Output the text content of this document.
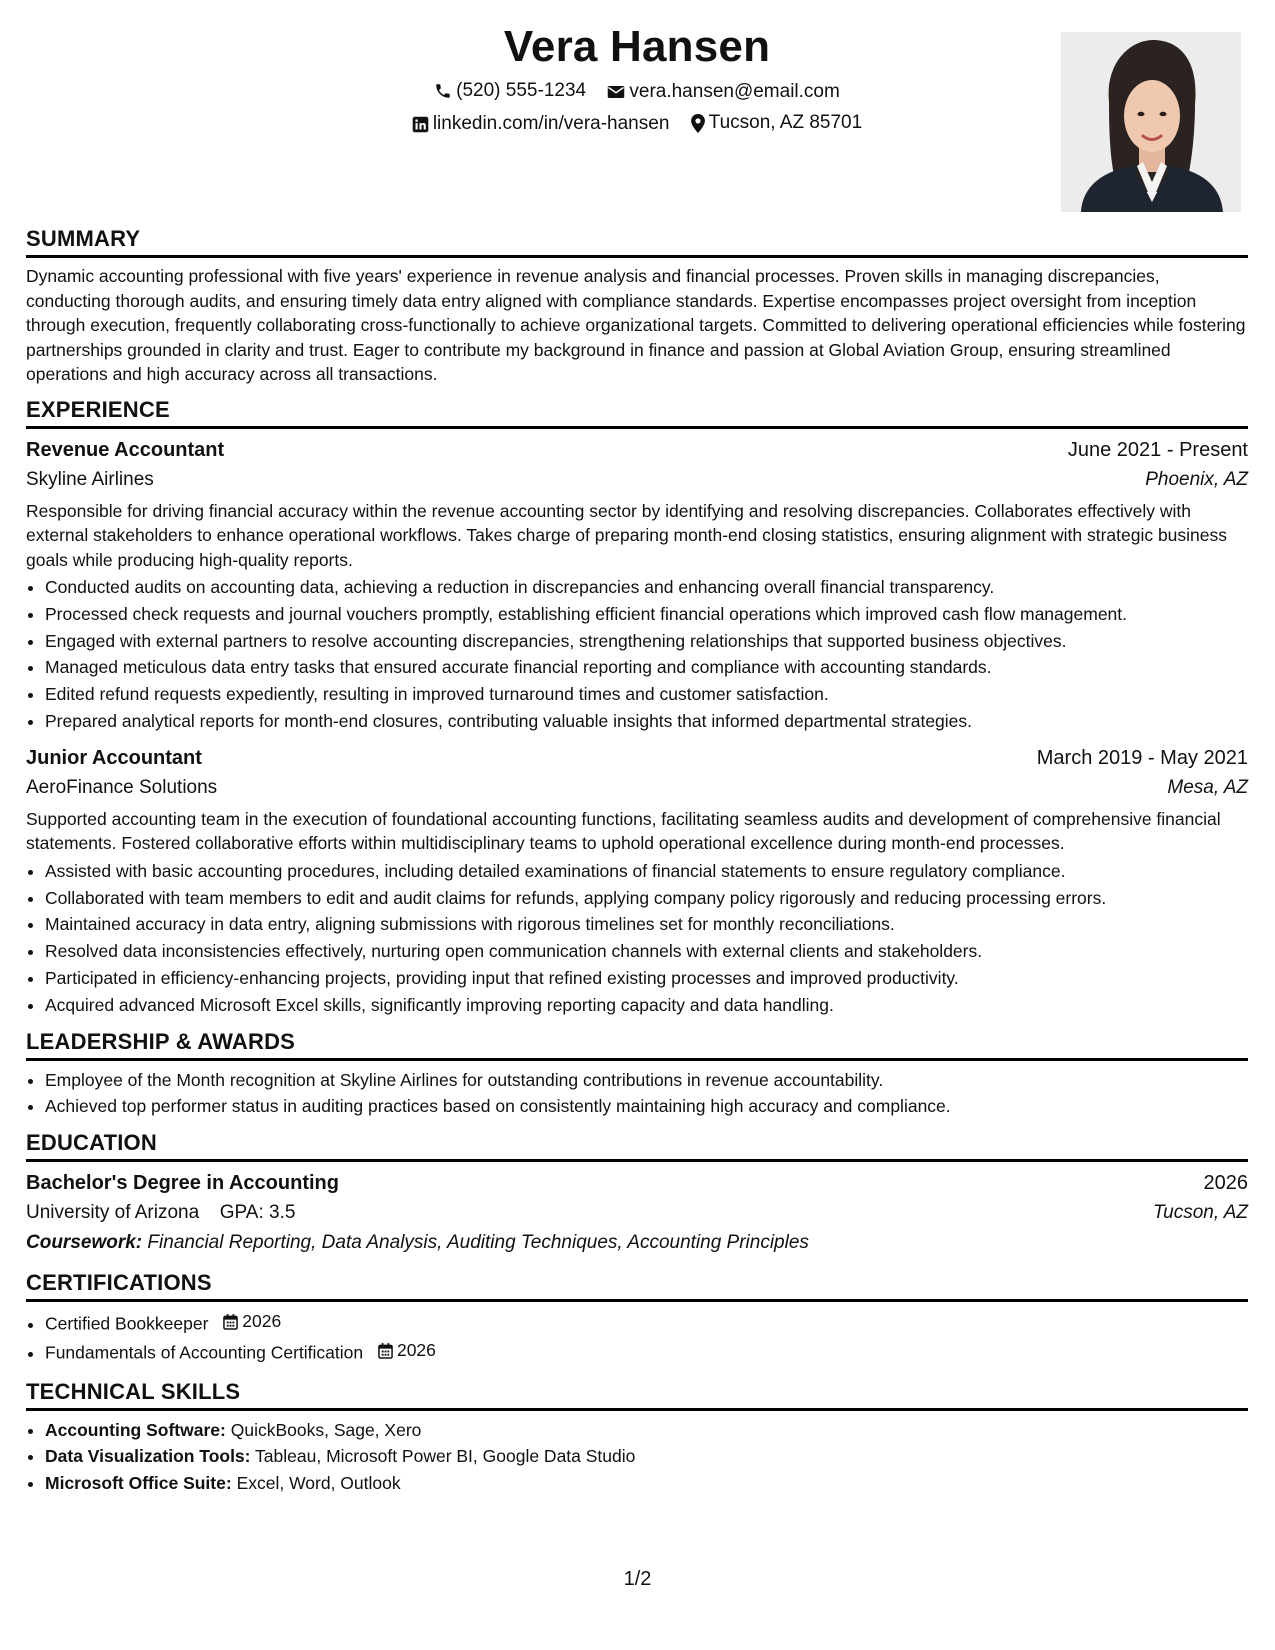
Vera Hansen
(520) 555-1234
vera.hansen@email.com
linkedin.com/in/vera-hansen
Tucson, AZ 85701
SUMMARY

Dynamic accounting professional with five years' experience in revenue analysis and financial processes. Proven skills in managing discrepancies, conducting thorough audits, and ensuring timely data entry aligned with compliance standards. Expertise encompasses project oversight from inception through execution, frequently collaborating cross-functionally to achieve organizational targets. Committed to delivering operational efficiencies while fostering partnerships grounded in clarity and trust. Eager to contribute my background in finance and passion at Global Aviation Group, ensuring streamlined operations and high accuracy across all transactions.

EXPERIENCE
Revenue Accountant	June 2021 - Present
Skyline Airlines	Phoenix, AZ

Responsible for driving financial accuracy within the revenue accounting sector by identifying and resolving discrepancies. Collaborates effectively with external stakeholders to enhance operational workflows. Takes charge of preparing month-end closing statistics, ensuring alignment with strategic business goals while producing high-quality reports.

• Conducted audits on accounting data, achieving a reduction in discrepancies and enhancing overall financial transparency.
• Processed check requests and journal vouchers promptly, establishing efficient financial operations which improved cash flow management.
• Engaged with external partners to resolve accounting discrepancies, strengthening relationships that supported business objectives.
• Managed meticulous data entry tasks that ensured accurate financial reporting and compliance with accounting standards.
• Edited refund requests expediently, resulting in improved turnaround times and customer satisfaction.
• Prepared analytical reports for month-end closures, contributing valuable insights that informed departmental strategies.
Junior Accountant	March 2019 - May 2021
AeroFinance Solutions	Mesa, AZ

Supported accounting team in the execution of foundational accounting functions, facilitating seamless audits and development of comprehensive financial statements. Fostered collaborative efforts within multidisciplinary teams to uphold operational excellence during month-end processes.

• Assisted with basic accounting procedures, including detailed examinations of financial statements to ensure regulatory compliance.
• Collaborated with team members to edit and audit claims for refunds, applying company policy rigorously and reducing processing errors.
• Maintained accuracy in data entry, aligning submissions with rigorous timelines set for monthly reconciliations.
• Resolved data inconsistencies effectively, nurturing open communication channels with external clients and stakeholders.
• Participated in efficiency-enhancing projects, providing input that refined existing processes and improved productivity.
• Acquired advanced Microsoft Excel skills, significantly improving reporting capacity and data handling.
LEADERSHIP & AWARDS
• Employee of the Month recognition at Skyline Airlines for outstanding contributions in revenue accountability.
• Achieved top performer status in auditing practices based on consistently maintaining high accuracy and compliance.
EDUCATION
Bachelor's Degree in Accounting	2026
University of Arizona GPA: 3.5	Tucson, AZ
Coursework: Financial Reporting, Data Analysis, Auditing Techniques, Accounting Principles
CERTIFICATIONS
• Certified Bookkeeper 2026
• Fundamentals of Accounting Certification 2026
TECHNICAL SKILLS
• Accounting Software: QuickBooks, Sage, Xero
• Data Visualization Tools: Tableau, Microsoft Power BI, Google Data Studio
• Microsoft Office Suite: Excel, Word, Outlook
1/2
